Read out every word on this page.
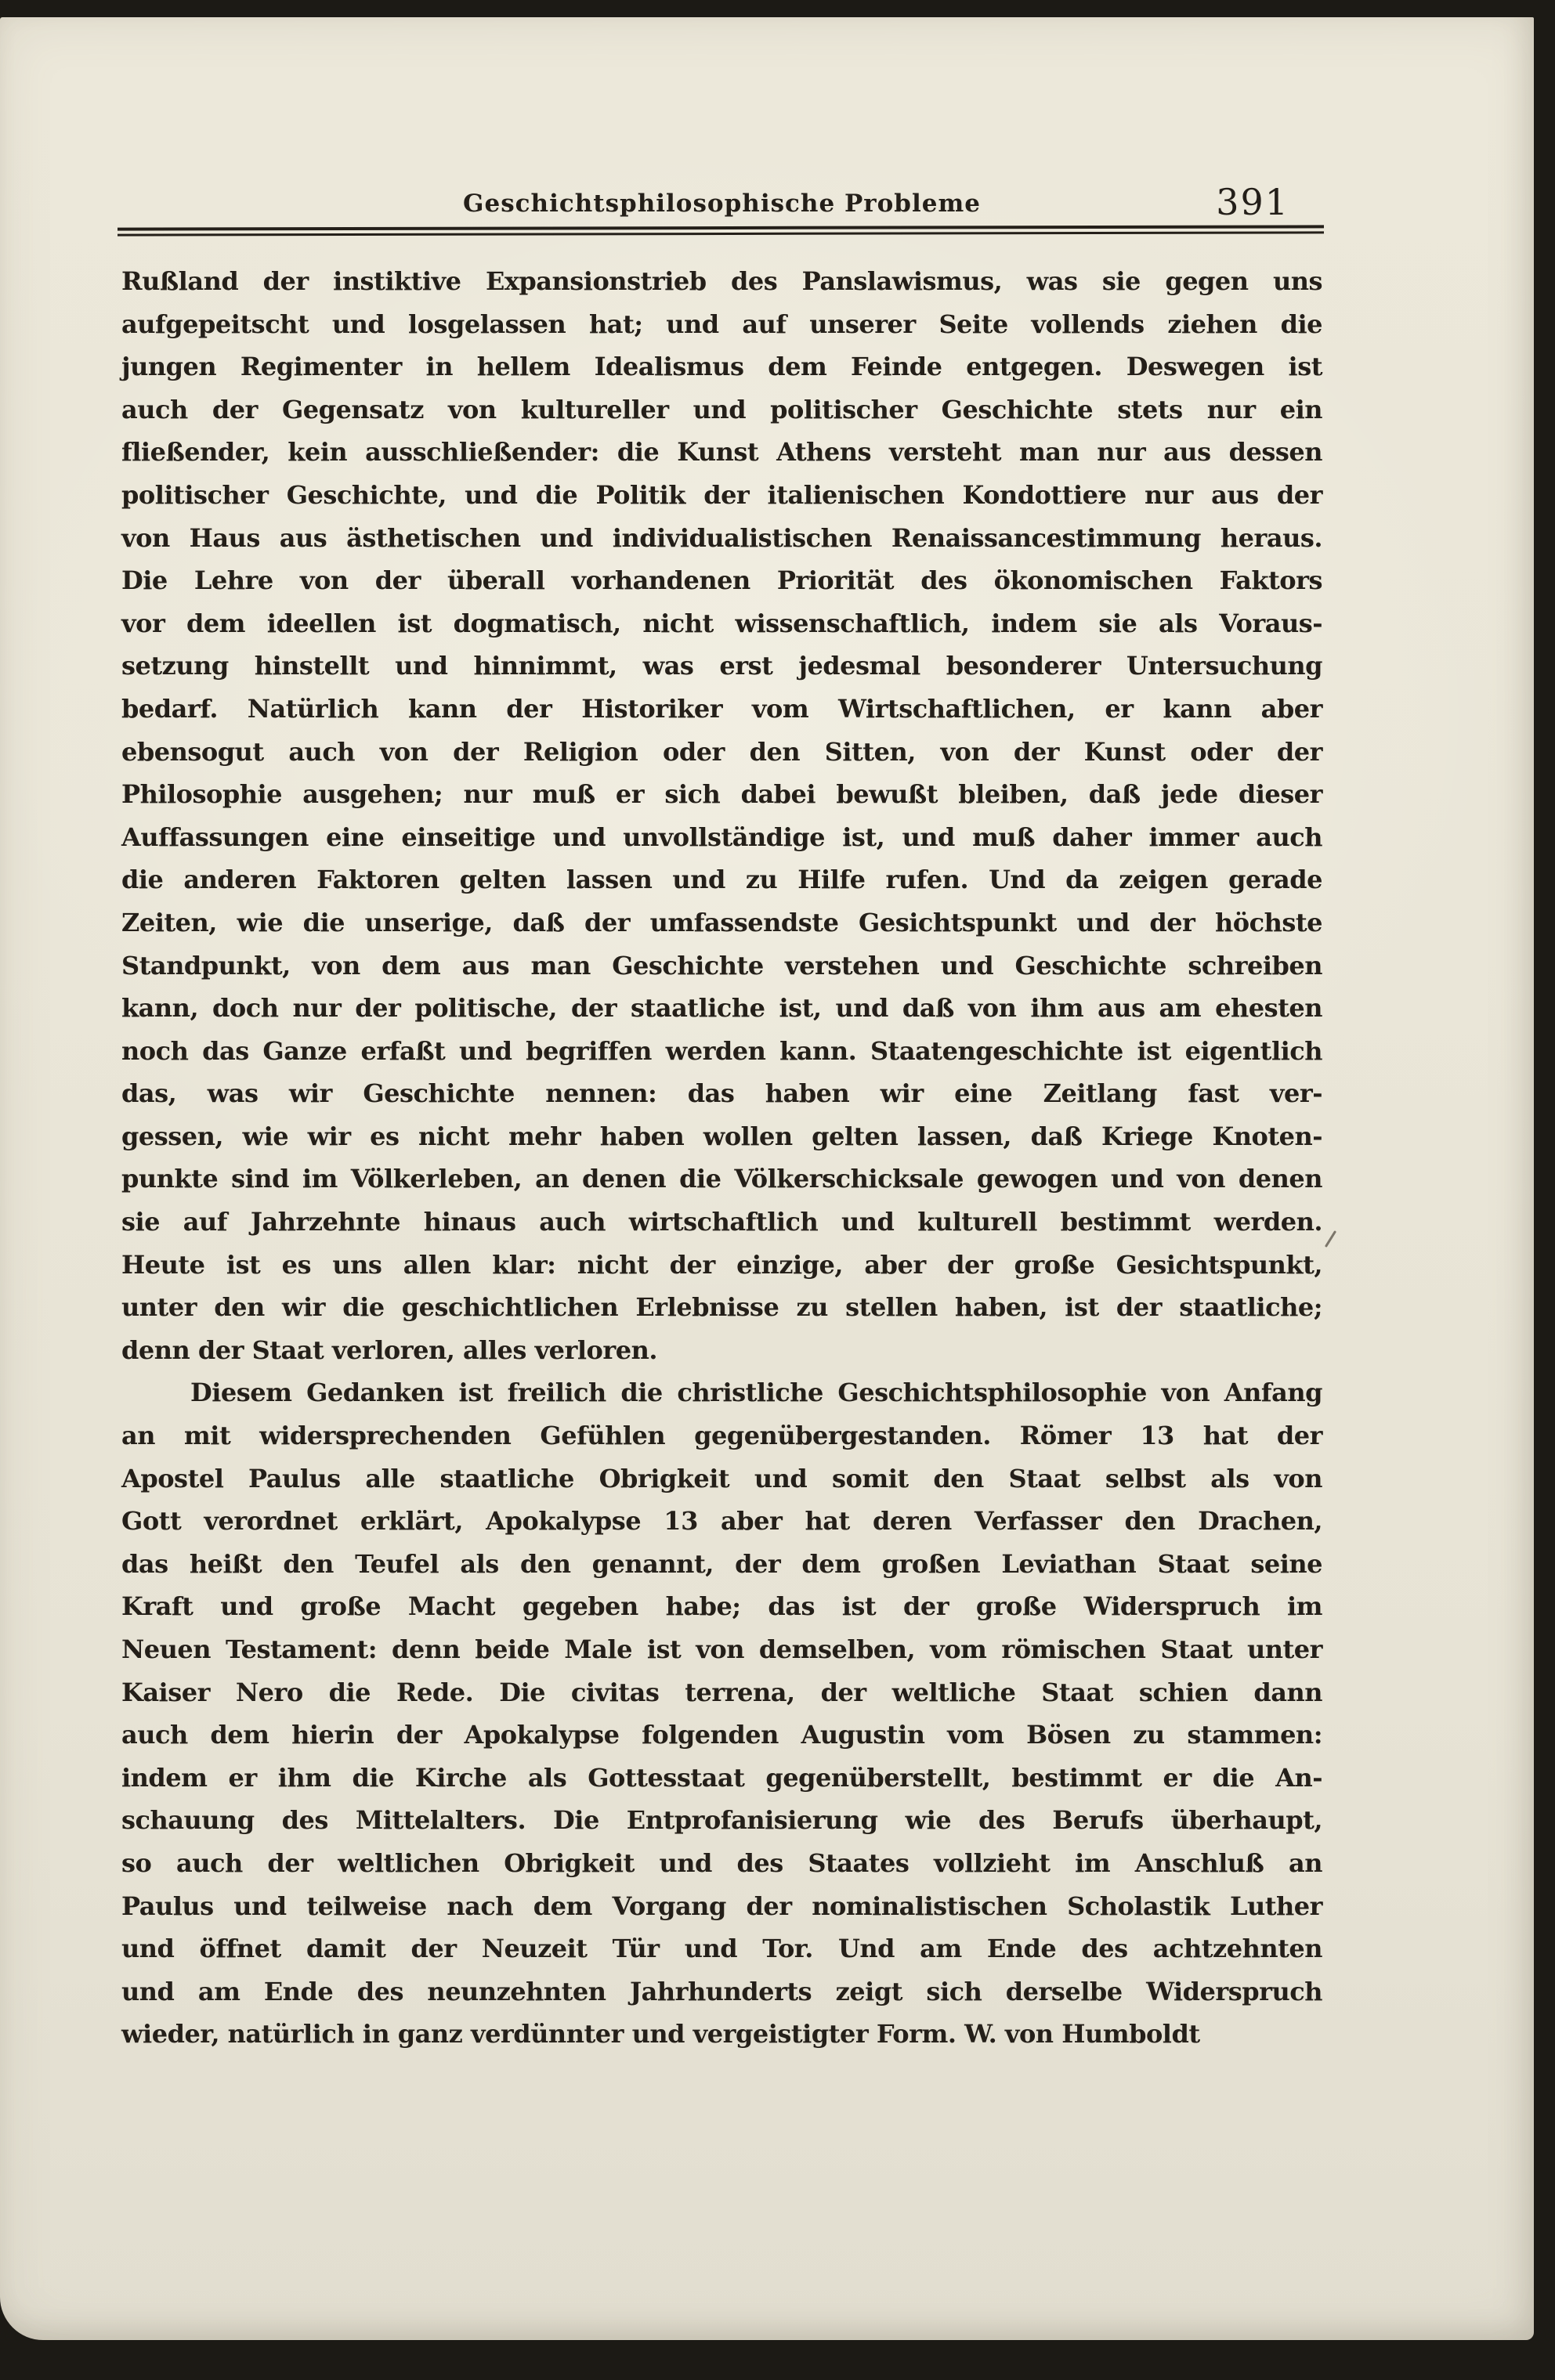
Geschichtsphilosophische Probleme	391
Rußland der instiktive Expansionstrieb des Panslawismus, was sie gegen uns
aufgepeitscht und losgelassen hat; und auf unserer Seite vollends ziehen die
jungen Regimenter in hellem Idealismus dem Feinde entgegen. Deswegen ist
auch der Gegensatz von kultureller und politischer Geschichte stets nur ein
fließender, kein ausschließender: die Kunst Athens versteht man nur aus dessen
politischer Geschichte, und die Politik der italienischen Kondottiere nur aus der
von Haus aus ästhetischen und individualistischen Renaissancestimmung heraus.
Die Lehre von der überall vorhandenen Priorität des ökonomischen Faktors
vor dem ideellen ist dogmatisch, nicht wissenschaftlich, indem sie als Voraus-
setzung hinstellt und hinnimmt, was erst jedesmal besonderer Untersuchung
bedarf. Natürlich kann der Historiker vom Wirtschaftlichen, er kann aber
ebensogut auch von der Religion oder den Sitten, von der Kunst oder der
Philosophie ausgehen; nur muß er sich dabei bewußt bleiben, daß jede dieser
Auffassungen eine einseitige und unvollständige ist, und muß daher immer auch
die anderen Faktoren gelten lassen und zu Hilfe rufen. Und da zeigen gerade
Zeiten, wie die unserige, daß der umfassendste Gesichtspunkt und der höchste
Standpunkt, von dem aus man Geschichte verstehen und Geschichte schreiben
kann, doch nur der politische, der staatliche ist, und daß von ihm aus am ehesten
noch das Ganze erfaßt und begriffen werden kann. Staatengeschichte ist eigentlich
das, was wir Geschichte nennen: das haben wir eine Zeitlang fast ver-
gessen, wie wir es nicht mehr haben wollen gelten lassen, daß Kriege Knoten-
punkte sind im Völkerleben, an denen die Völkerschicksale gewogen und von denen
sie auf Jahrzehnte hinaus auch wirtschaftlich und kulturell bestimmt werden.
Heute ist es uns allen klar: nicht der einzige, aber der große Gesichtspunkt,
unter den wir die geschichtlichen Erlebnisse zu stellen haben, ist der staatliche;
denn der Staat verloren, alles verloren.
Diesem Gedanken ist freilich die christliche Geschichtsphilosophie von Anfang
an mit widersprechenden Gefühlen gegenübergestanden. Römer 13 hat der
Apostel Paulus alle staatliche Obrigkeit und somit den Staat selbst als von
Gott verordnet erklärt, Apokalypse 13 aber hat deren Verfasser den Drachen,
das heißt den Teufel als den genannt, der dem großen Leviathan Staat seine
Kraft und große Macht gegeben habe; das ist der große Widerspruch im
Neuen Testament: denn beide Male ist von demselben, vom römischen Staat unter
Kaiser Nero die Rede. Die civitas terrena, der weltliche Staat schien dann
auch dem hierin der Apokalypse folgenden Augustin vom Bösen zu stammen:
indem er ihm die Kirche als Gottesstaat gegenüberstellt, bestimmt er die An-
schauung des Mittelalters. Die Entprofanisierung wie des Berufs überhaupt,
so auch der weltlichen Obrigkeit und des Staates vollzieht im Anschluß an
Paulus und teilweise nach dem Vorgang der nominalistischen Scholastik Luther
und öffnet damit der Neuzeit Tür und Tor. Und am Ende des achtzehnten
und am Ende des neunzehnten Jahrhunderts zeigt sich derselbe Widerspruch
wieder, natürlich in ganz verdünnter und vergeistigter Form. W. von Humboldt
